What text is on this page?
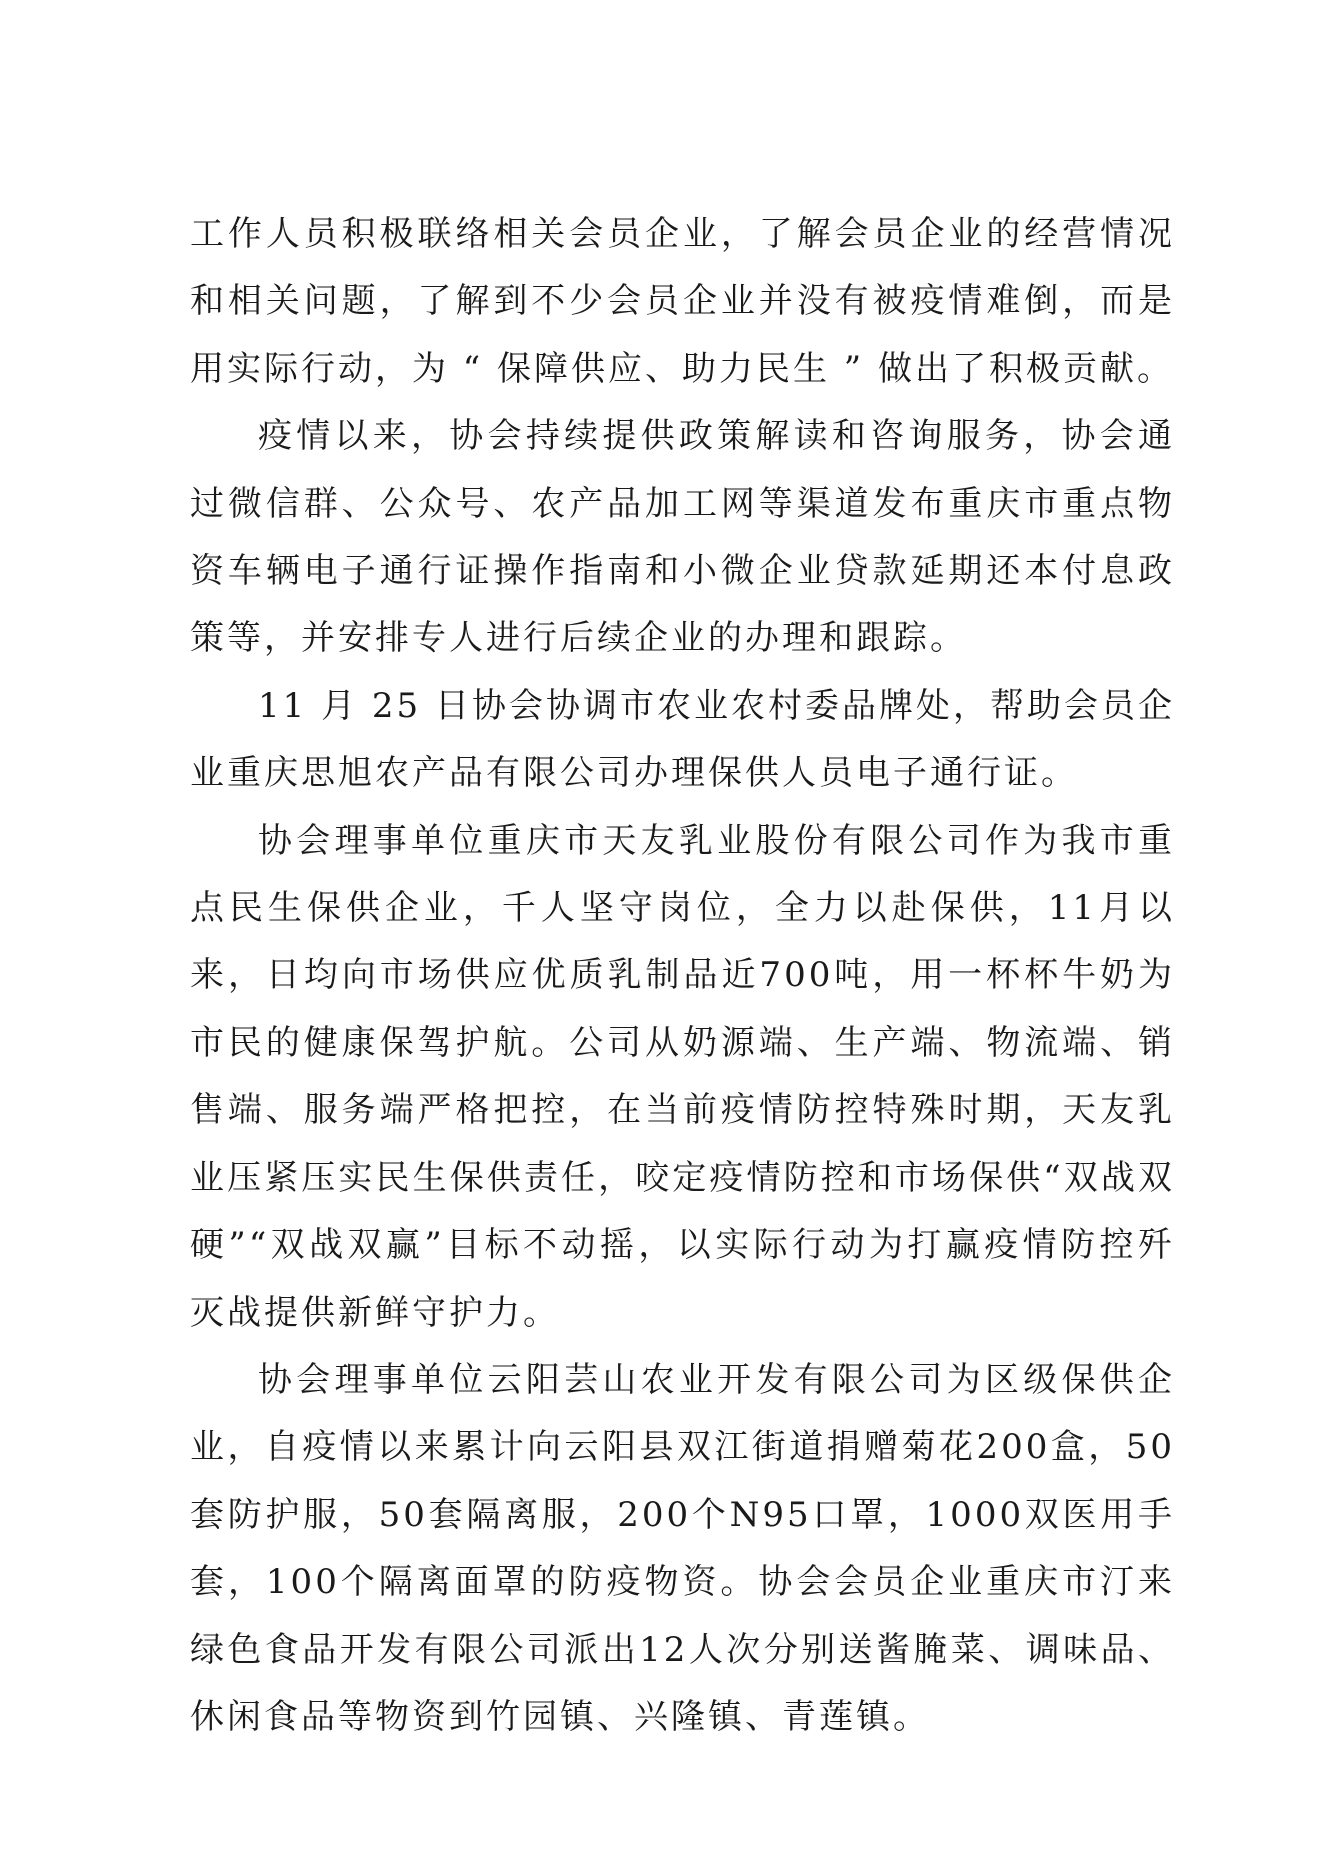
工作人员积极联络相关会员企业，了解会员企业的经营情况和相关问题，了解到不少会员企业并没有被疫情难倒，而是用实际行动，为 “ 保障供应、助力民生 ” 做出了积极贡献。

疫情以来，协会持续提供政策解读和咨询服务，协会通过微信群、公众号、农产品加工网等渠道发布重庆市重点物资车辆电子通行证操作指南和小微企业贷款延期还本付息政策等，并安排专人进行后续企业的办理和跟踪。

11 月 25 日协会协调市农业农村委品牌处，帮助会员企业重庆思旭农产品有限公司办理保供人员电子通行证。

协会理事单位重庆市天友乳业股份有限公司作为我市重点民生保供企业，千人坚守岗位，全力以赴保供，11月以来，日均向市场供应优质乳制品近700吨，用一杯杯牛奶为市民的健康保驾护航。公司从奶源端、生产端、物流端、销售端、服务端严格把控，在当前疫情防控特殊时期，天友乳业压紧压实民生保供责任，咬定疫情防控和市场保供“双战双硬”“双战双赢”目标不动摇，以实际行动为打赢疫情防控歼灭战提供新鲜守护力。

协会理事单位云阳芸山农业开发有限公司为区级保供企业，自疫情以来累计向云阳县双江街道捐赠菊花200盒，50套防护服，50套隔离服，200个N95口罩，1000双医用手套，100个隔离面罩的防疫物资。协会会员企业重庆市汀来绿色食品开发有限公司派出12人次分别送酱腌菜、调味品、休闲食品等物资到竹园镇、兴隆镇、青莲镇。
